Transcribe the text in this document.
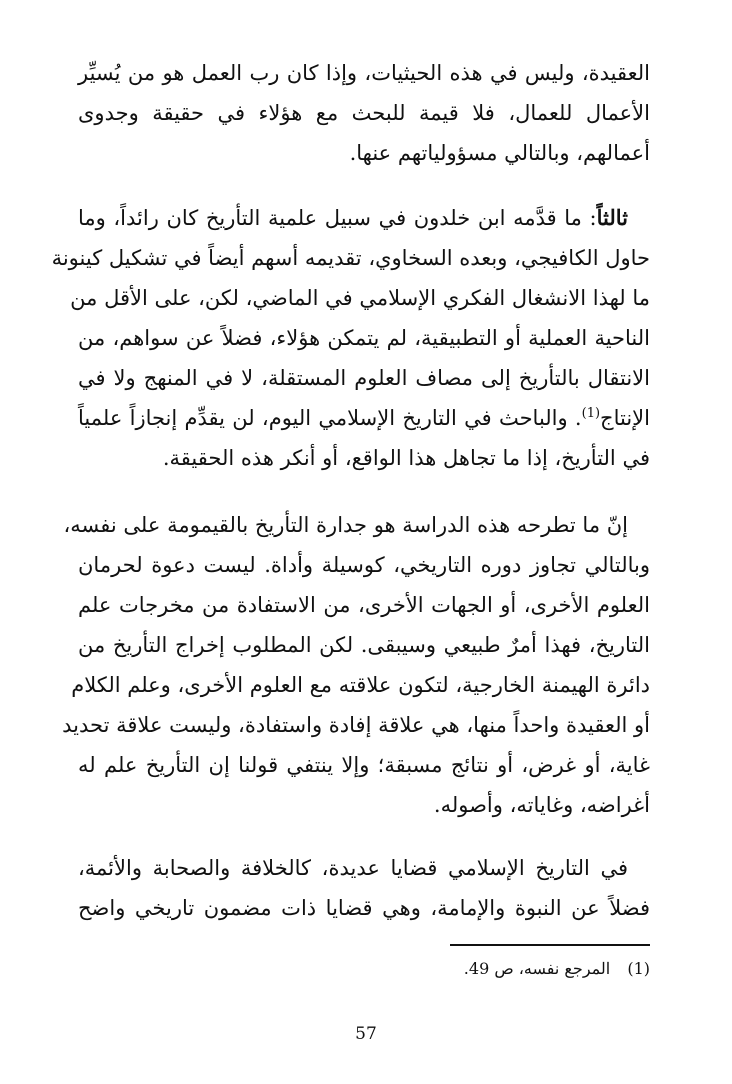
العقيدة، وليس في هذه الحيثيات، وإذا كان رب العمل هو من يُسيِّر
الأعمال للعمال، فلا قيمة للبحث مع هؤلاء في حقيقة وجدوى
أعمالهم، وبالتالي مسؤولياتهم عنها.
ثالثاً: ما قدَّمه ابن خلدون في سبيل علمية التأريخ كان رائداً، وما
حاول الكافيجي، وبعده السخاوي، تقديمه أسهم أيضاً في تشكيل كينونة
ما لهذا الانشغال الفكري الإسلامي في الماضي، لكن، على الأقل من
الناحية العملية أو التطبيقية، لم يتمكن هؤلاء، فضلاً عن سواهم، من
الانتقال بالتأريخ إلى مصاف العلوم المستقلة، لا في المنهج ولا في
الإنتاج$^{(1)}$. والباحث في التاريخ الإسلامي اليوم، لن يقدِّم إنجازاً علمياً
في التأريخ، إذا ما تجاهل هذا الواقع، أو أنكر هذه الحقيقة.
إنّ ما تطرحه هذه الدراسة هو جدارة التأريخ بالقيمومة على نفسه،
وبالتالي تجاوز دوره التاريخي، كوسيلة وأداة. ليست دعوة لحرمان
العلوم الأخرى، أو الجهات الأخرى، من الاستفادة من مخرجات علم
التاريخ، فهذا أمرٌ طبيعي وسيبقى. لكن المطلوب إخراج التأريخ من
دائرة الهيمنة الخارجية، لتكون علاقته مع العلوم الأخرى، وعلم الكلام
أو العقيدة واحداً منها، هي علاقة إفادة واستفادة، وليست علاقة تحديد
غاية، أو غرض، أو نتائج مسبقة؛ وإلا ينتفي قولنا إن التأريخ علم له
أغراضه، وغاياته، وأصوله.
في التاريخ الإسلامي قضايا عديدة، كالخلافة والصحابة والأئمة،
فضلاً عن النبوة والإمامة، وهي قضايا ذات مضمون تاريخي واضح
(1) المرجع نفسه، ص 49.
57
